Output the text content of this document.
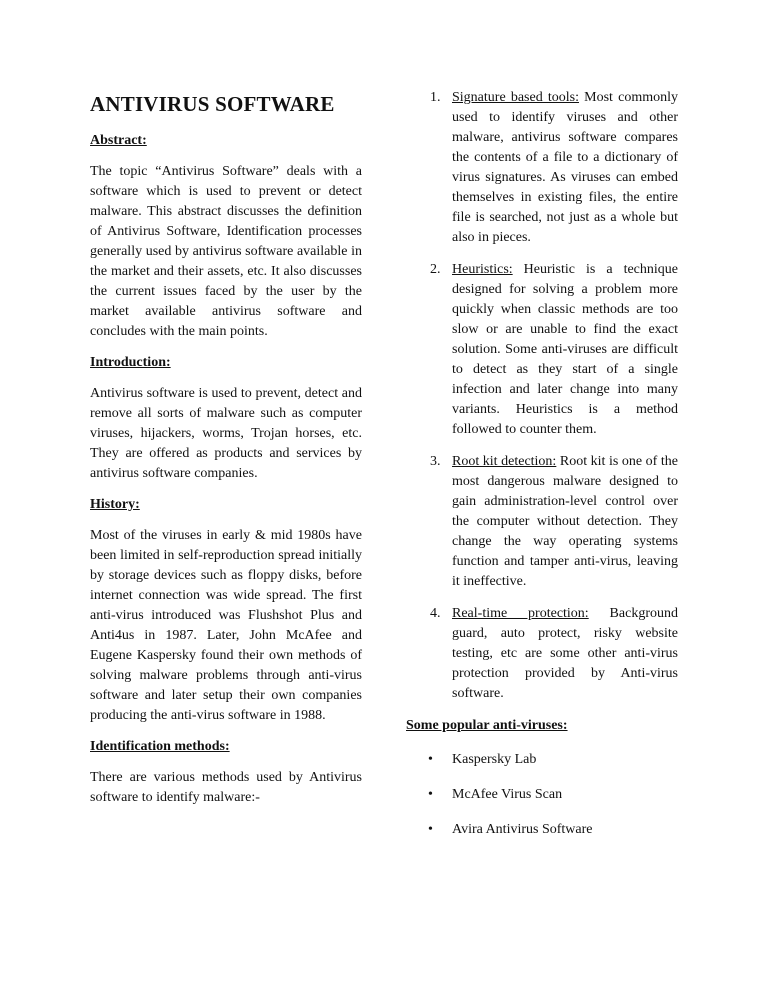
ANTIVIRUS SOFTWARE
Abstract:

The topic “Antivirus Software” deals with a software which is used to prevent or detect malware. This abstract discusses the definition of Antivirus Software, Identification processes generally used by antivirus software available in the market and their assets, etc. It also discusses the current issues faced by the user by the market available antivirus software and concludes with the main points.

Introduction:

Antivirus software is used to prevent, detect and remove all sorts of malware such as computer viruses, hijackers, worms, Trojan horses, etc. They are offered as products and services by antivirus software companies.

History:

Most of the viruses in early & mid 1980s have been limited in self-reproduction spread initially by storage devices such as floppy disks, before internet connection was wide spread. The first anti-virus introduced was Flushshot Plus and Anti4us in 1987. Later, John McAfee and Eugene Kaspersky found their own methods of solving malware problems through anti-virus software and later setup their own companies producing the anti-virus software in 1988.

Identification methods:

There are various methods used by Antivirus software to identify malware:-

1. Signature based tools: Most commonly used to identify viruses and other malware, antivirus software compares the contents of a file to a dictionary of virus signatures. As viruses can embed themselves in existing files, the entire file is searched, not just as a whole but also in pieces.
2. Heuristics: Heuristic is a technique designed for solving a problem more quickly when classic methods are too slow or are unable to find the exact solution. Some anti-viruses are difficult to detect as they start of a single infection and later change into many variants. Heuristics is a method followed to counter them.
3. Root kit detection: Root kit is one of the most dangerous malware designed to gain administration-level control over the computer without detection. They change the way operating systems function and tamper anti-virus, leaving it ineffective.
4. Real-time protection: Background guard, auto protect, risky website testing, etc are some other anti-virus protection provided by Anti-virus software.
Some popular anti-viruses:
• Kaspersky Lab
• McAfee Virus Scan
• Avira Antivirus Software
